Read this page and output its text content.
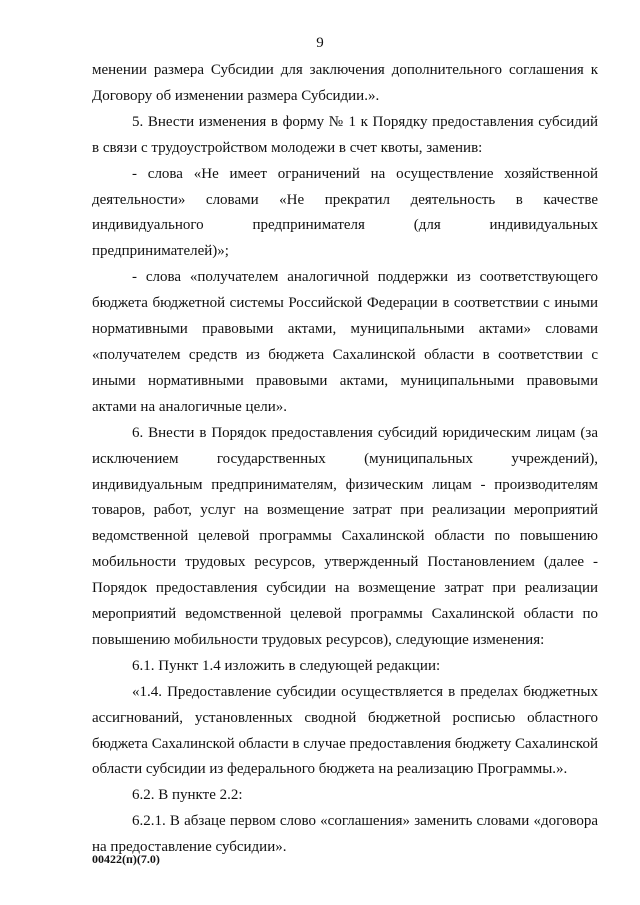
9

менении размера Субсидии для заключения дополнительного соглашения к Договору об изменении размера Субсидии.».

5. Внести изменения в форму № 1 к Порядку предоставления субсидий в связи с трудоустройством молодежи в счет квоты, заменив:

- слова «Не имеет ограничений на осуществление хозяйственной деятельности» словами «Не прекратил деятельность в качестве индивидуального предпринимателя (для индивидуальных предпринимателей)»;

- слова «получателем аналогичной поддержки из соответствующего бюджета бюджетной системы Российской Федерации в соответствии с иными нормативными правовыми актами, муниципальными актами» словами «получателем средств из бюджета Сахалинской области в соответствии с иными нормативными правовыми актами, муниципальными правовыми актами на аналогичные цели».

6. Внести в Порядок предоставления субсидий юридическим лицам (за исключением государственных (муниципальных учреждений), индивидуальным предпринимателям, физическим лицам - производителям товаров, работ, услуг на возмещение затрат при реализации мероприятий ведомственной целевой программы Сахалинской области по повышению мобильности трудовых ресурсов, утвержденный Постановлением (далее - Порядок предоставления субсидии на возмещение затрат при реализации мероприятий ведомственной целевой программы Сахалинской области по повышению мобильности трудовых ресурсов), следующие изменения:

6.1. Пункт 1.4 изложить в следующей редакции:

«1.4. Предоставление субсидии осуществляется в пределах бюджетных ассигнований, установленных сводной бюджетной росписью областного бюджета Сахалинской области в случае предоставления бюджету Сахалинской области субсидии из федерального бюджета на реализацию Программы.».

6.2. В пункте 2.2:

6.2.1. В абзаце первом слово «соглашения» заменить словами «договора на предоставление субсидии».

00422(п)(7.0)
